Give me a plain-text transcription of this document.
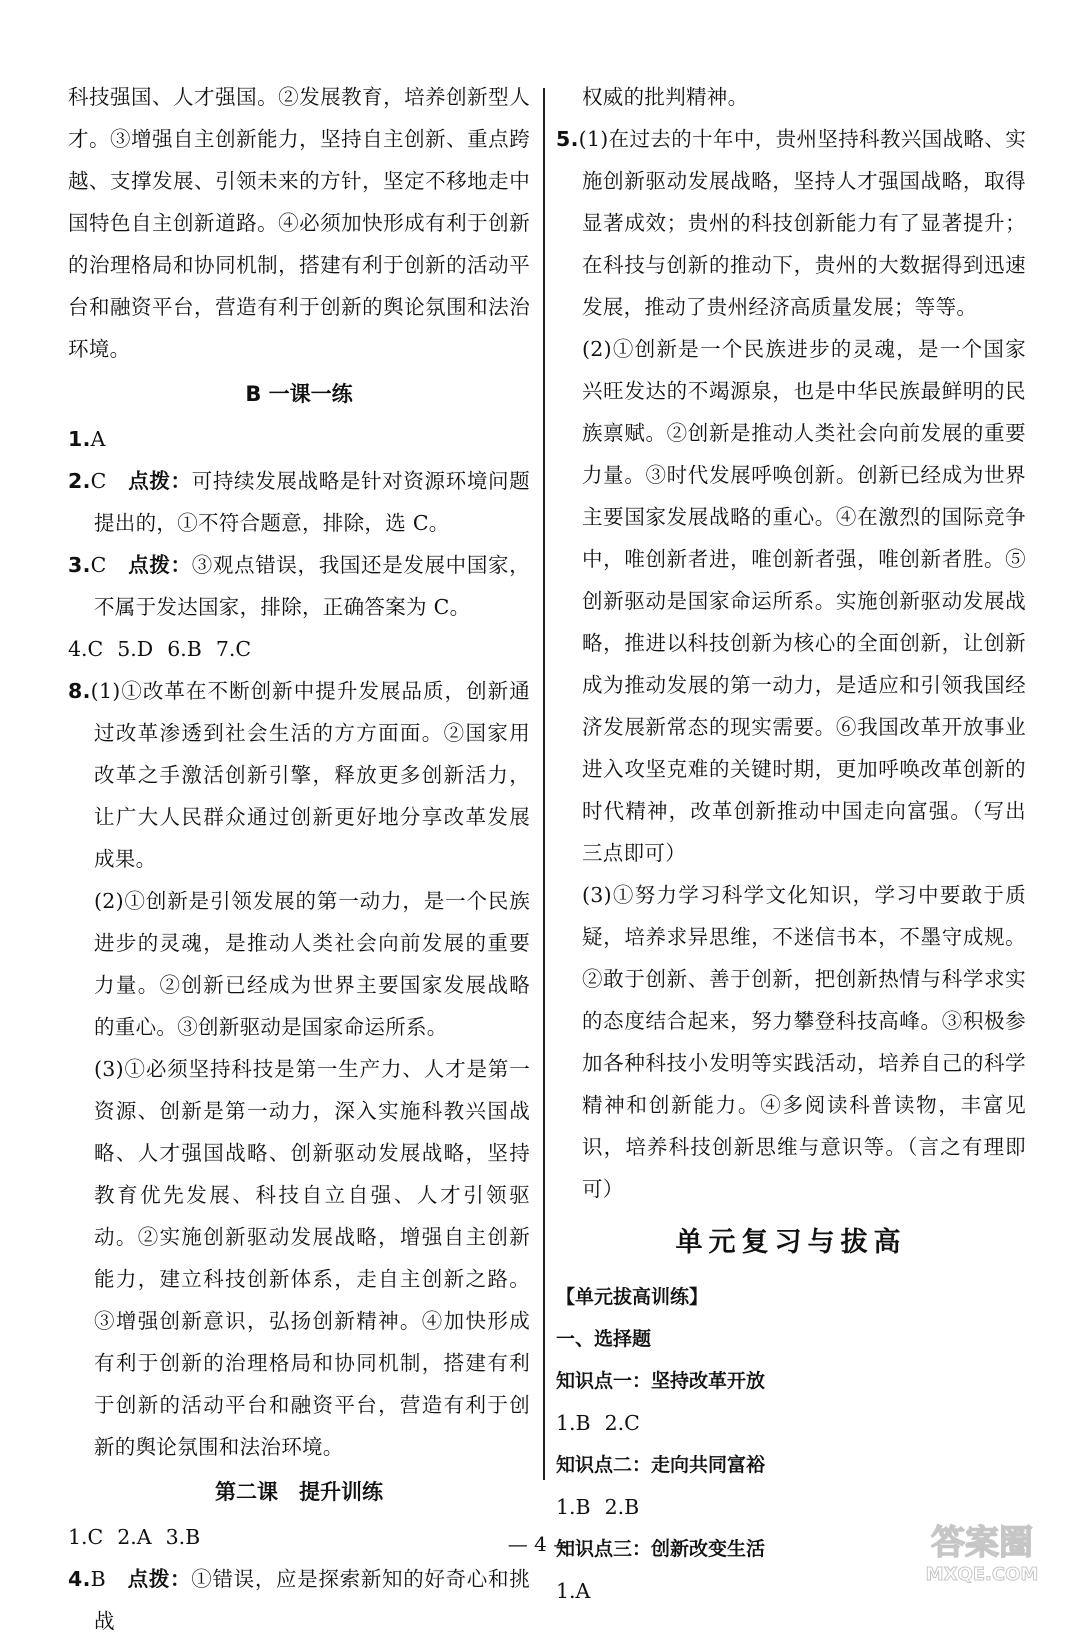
科技强国、人才强国。②发展教育，培养创新型人才。③增强自主创新能力，坚持自主创新、重点跨越、支撑发展、引领未来的方针，坚定不移地走中国特色自主创新道路。④必须加快形成有利于创新的治理格局和协同机制，搭建有利于创新的活动平台和融资平台，营造有利于创新的舆论氛围和法治环境。

B 一课一练

1.A

2.C 点拨：可持续发展战略是针对资源环境问题提出的，①不符合题意，排除，选 C。

3.C 点拨：③观点错误，我国还是发展中国家，不属于发达国家，排除，正确答案为 C。

4.C 5.D 6.B 7.C

8.(1)①改革在不断创新中提升发展品质，创新通过改革渗透到社会生活的方方面面。②国家用改革之手激活创新引擎，释放更多创新活力，让广大人民群众通过创新更好地分享改革发展成果。

(2)①创新是引领发展的第一动力，是一个民族进步的灵魂，是推动人类社会向前发展的重要力量。②创新已经成为世界主要国家发展战略的重心。③创新驱动是国家命运所系。

(3)①必须坚持科技是第一生产力、人才是第一资源、创新是第一动力，深入实施科教兴国战略、人才强国战略、创新驱动发展战略，坚持教育优先发展、科技自立自强、人才引领驱动。②实施创新驱动发展战略，增强自主创新能力，建立科技创新体系，走自主创新之路。③增强创新意识，弘扬创新精神。④加快形成有利于创新的治理格局和协同机制，搭建有利于创新的活动平台和融资平台，营造有利于创新的舆论氛围和法治环境。

第二课　提升训练

1.C 2.A 3.B

4.B 点拨：①错误，应是探索新知的好奇心和挑战

权威的批判精神。

5.(1)在过去的十年中，贵州坚持科教兴国战略、实施创新驱动发展战略，坚持人才强国战略，取得显著成效；贵州的科技创新能力有了显著提升；在科技与创新的推动下，贵州的大数据得到迅速发展，推动了贵州经济高质量发展；等等。

(2)①创新是一个民族进步的灵魂，是一个国家兴旺发达的不竭源泉，也是中华民族最鲜明的民族禀赋。②创新是推动人类社会向前发展的重要力量。③时代发展呼唤创新。创新已经成为世界主要国家发展战略的重心。④在激烈的国际竞争中，唯创新者进，唯创新者强，唯创新者胜。⑤创新驱动是国家命运所系。实施创新驱动发展战略，推进以科技创新为核心的全面创新，让创新成为推动发展的第一动力，是适应和引领我国经济发展新常态的现实需要。⑥我国改革开放事业进入攻坚克难的关键时期，更加呼唤改革创新的时代精神，改革创新推动中国走向富强。（写出三点即可）

(3)①努力学习科学文化知识，学习中要敢于质疑，培养求异思维，不迷信书本，不墨守成规。②敢于创新、善于创新，把创新热情与科学求实的态度结合起来，努力攀登科技高峰。③积极参加各种科技小发明等实践活动，培养自己的科学精神和创新能力。④多阅读科普读物，丰富见识，培养科技创新思维与意识等。（言之有理即可）

单元复习与拔高

【单元拔高训练】

一、选择题

知识点一：坚持改革开放

1.B 2.C

知识点二：走向共同富裕

1.B 2.B

知识点三：创新改变生活

1.A

— 4 —	答案圈
MXQE.COM
